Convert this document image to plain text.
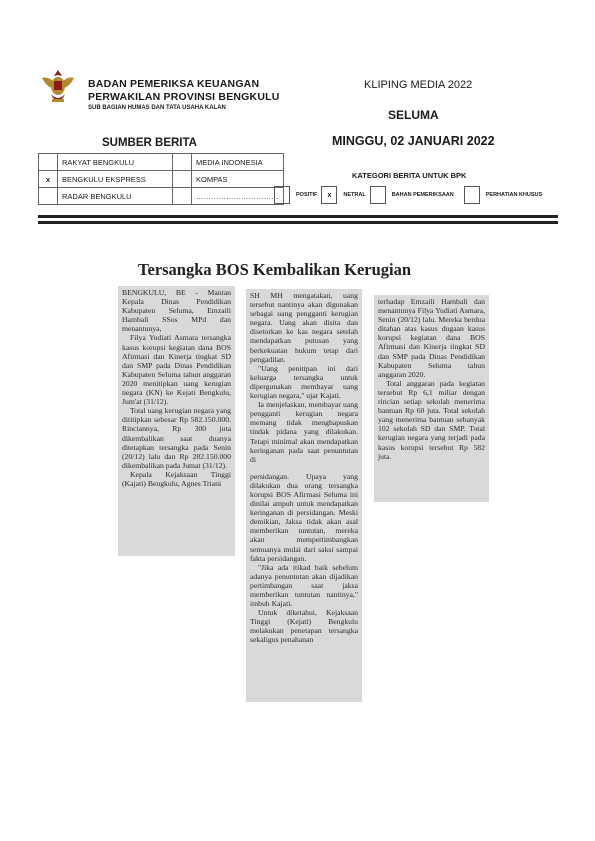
BADAN PEMERIKSA KEUANGAN
PERWAKILAN PROVINSI BENGKULU
SUB BAGIAN HUMAS DAN TATA USAHA KALAN
KLIPING MEDIA 2022
SELUMA
MINGGU, 02 JANUARI 2022
SUMBER BERITA
	RAKYAT BENGKULU		MEDIA INDONESIA
x	BENGKULU EKSPRESS		KOMPAS
	RADAR BENGKULU		……………………………
KATEGORI BERITA UNTUK BPK
POSITIF	x	NETRAL	BAHAN PEMERIKSAAN	PERHATIAN KHUSUS
Tersangka BOS Kembalikan Kerugian

BENGKULU, BE - Mantan Kepala Dinas Pendidikan Kabupaten Seluma, Emzaili Hambali SSos MPd dan menantunya,

Filya Yudiati Asmara tersangka kasus korupsi kegiatan dana BOS Afirmasi dan Kinerja tingkat SD dan SMP pada Dinas Pendidikan Kabupaten Seluma tahun anggaran 2020 menitipkan uang kerugian negara (KN) ke Kejati Bengkulu, Jum'at (31/12).

Total uang kerugian negara yang dititipkan sebesar Rp 582.150.000. Rinciannya, Rp 300 juta dikembalikan saat duanya ditetapkan tersangka pada Senin (20/12) lalu dan Rp 282.150.000 dikembalikan pada Jumat (31/12).

Kepala Kejaksaan Tinggi (Kajati) Bengkulu, Agnes Triani

SH MH mengatakan, uang tersebut nantinya akan digunakan sebagai uang pengganti kerugian negara. Uang akan disita dan disetorkan ke kas negara setelah mendapatkan putusan yang berkekuatan hukum tetap dari pengadilan.

"Uang penitipan ini dari keluarga tersangka untuk dipergunakan membayar uang kerugian negara," ujar Kajati.

Ia menjelaskan, membayar uang pengganti kerugian negara memang tidak menghapuskan tindak pidana yang dilakukan. Tetapi minimal akan mendapatkan keringanan pada saat penuntutan di

persidangan. Upaya yang dilakukan dua orang tersangka korupsi BOS Afirmasi Seluma ini dinilai ampuh untuk mendapatkan keringanan di persidangan. Meski demikian, Jaksa tidak akan asal memberikan tuntutan, mereka akan mempertimbangkan semuanya mulai dari saksi sampai fakta persidangan.

"Jika ada itikad baik sebelum adanya penuntutan akan dijadikan pertimbangan saat jaksa memberikan tuntutan nantinya," imbuh Kajati.

Untuk diketahui, Kejaksaan Tinggi (Kejati) Bengkulu melakukan penetapan tersangka sekaligus penahanan

terhadap Emzaili Hambali dan menantunya Filya Yudiati Asmara, Senin (20/12) lalu. Mereka berdua ditahan atas kasus dugaan kasus korupsi kegiatan dana BOS Afirmasi dan Kinerja tingkat SD dan SMP pada Dinas Pendidikan Kabupaten Seluma tahun anggaran 2020.

Total anggaran pada kegiatan tersebut Rp 6,1 miliar dengan rincian setiap sekolah menerima bantuan Rp 60 juta. Total sekolah yang menerima bantuan sebanyak 102 sekolah SD dan SMP. Total kerugian negara yang terjadi pada kasus korupsi tersebut Rp 582 juta.
